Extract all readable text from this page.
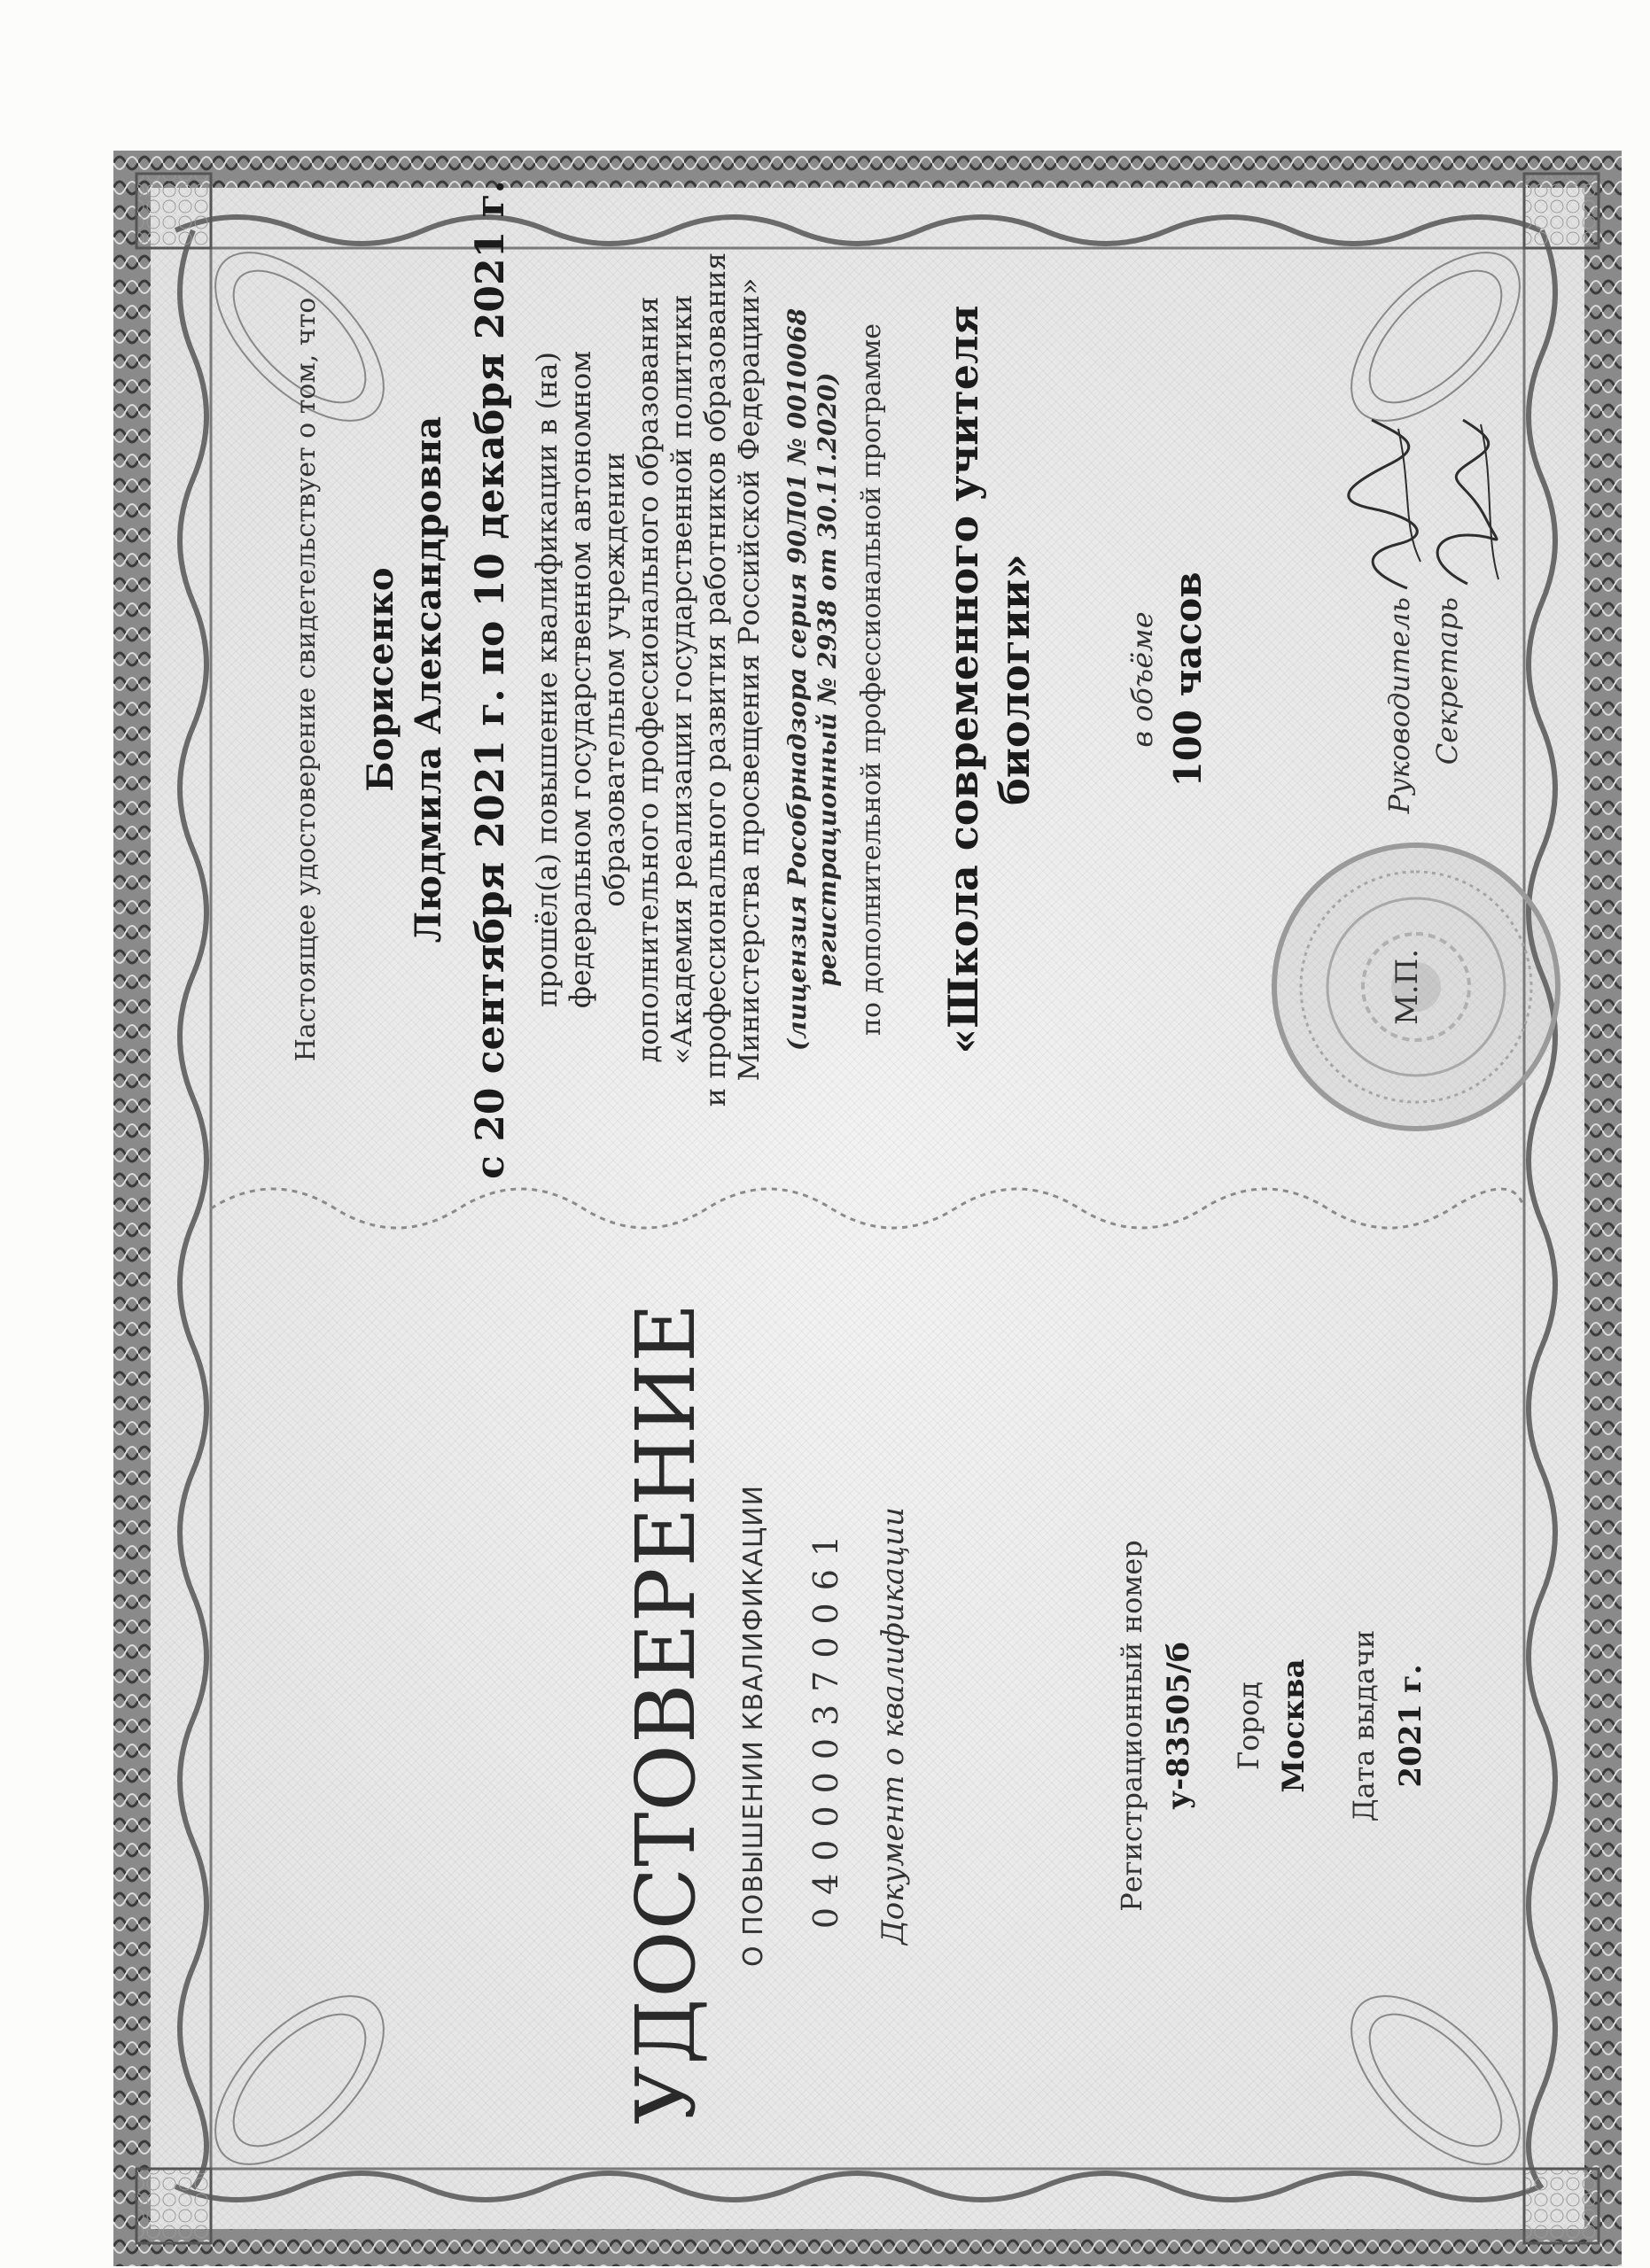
УДОСТОВЕРЕНИЕ О ПОВЫШЕНИИ КВАЛИФИКАЦИИ 040000370061 Документ о квалификации	Регистрационный номер у-83505/б Город Москва Дата выдачи 2021 г.
Настоящее удостоверение свидетельствует о том, что Борисенко Людмила Александровна с 20 сентября 2021 г. по 10 декабря 2021 г. прошёл(а) повышение квалификации в (на) федеральном государственном автономном образовательном учреждении дополнительного профессионального образования «Академия реализации государственной политики и профессионального развития работников образования Министерства просвещения Российской Федерации» (лицензия Рособрнадзора серия 90Л01 № 0010068 регистрационный № 2938 от 30.11.2020) по дополнительной профессиональной программе «Школа современного учителя биологии»	в объёме 100 часов
М.П.
Руководитель Секретарь
